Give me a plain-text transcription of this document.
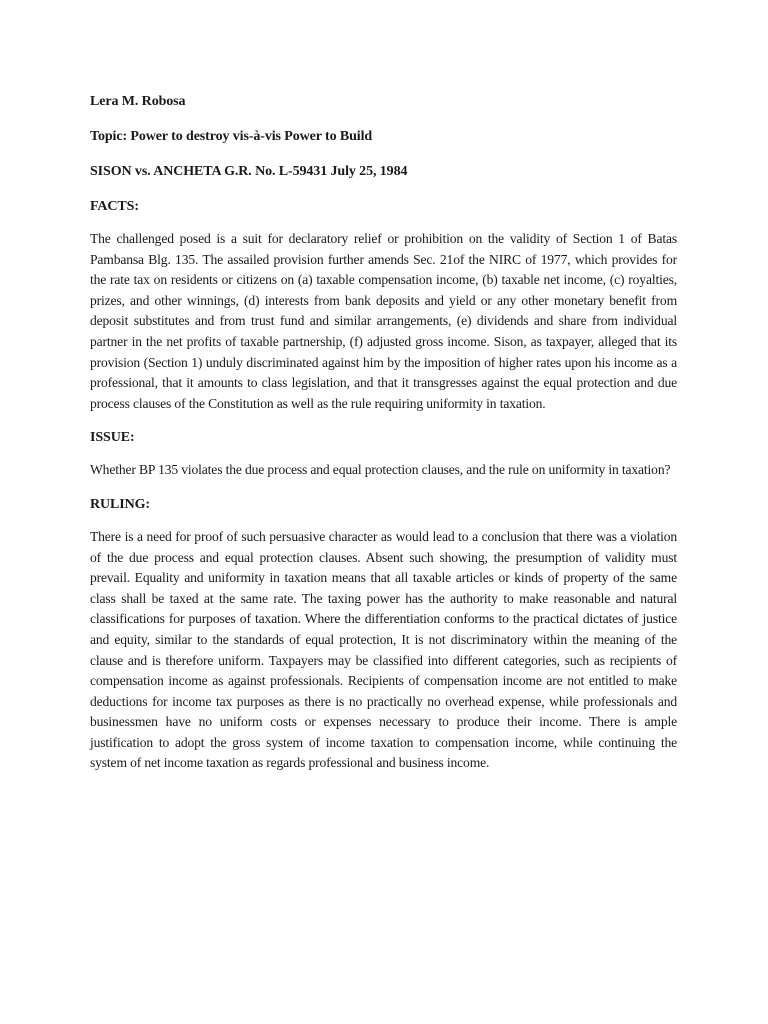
Lera M. Robosa
Topic: Power to destroy vis-à-vis Power to Build
SISON vs. ANCHETA G.R. No. L-59431 July 25, 1984
FACTS:

The challenged posed is a suit for declaratory relief or prohibition on the validity of Section 1 of Batas Pambansa Blg. 135. The assailed provision further amends Sec. 21of the NIRC of 1977, which provides for the rate tax on residents or citizens on (a) taxable compensation income, (b) taxable net income, (c) royalties, prizes, and other winnings, (d) interests from bank deposits and yield or any other monetary benefit from deposit substitutes and from trust fund and similar arrangements, (e) dividends and share from individual partner in the net profits of taxable partnership, (f) adjusted gross income. Sison, as taxpayer, alleged that its provision (Section 1) unduly discriminated against him by the imposition of higher rates upon his income as a professional, that it amounts to class legislation, and that it transgresses against the equal protection and due process clauses of the Constitution as well as the rule requiring uniformity in taxation.

ISSUE:

Whether BP 135 violates the due process and equal protection clauses, and the rule on uniformity in taxation?

RULING:

There is a need for proof of such persuasive character as would lead to a conclusion that there was a violation of the due process and equal protection clauses. Absent such showing, the presumption of validity must prevail. Equality and uniformity in taxation means that all taxable articles or kinds of property of the same class shall be taxed at the same rate. The taxing power has the authority to make reasonable and natural classifications for purposes of taxation. Where the differentiation conforms to the practical dictates of justice and equity, similar to the standards of equal protection, It is not discriminatory within the meaning of the clause and is therefore uniform. Taxpayers may be classified into different categories, such as recipients of compensation income as against professionals. Recipients of compensation income are not entitled to make deductions for income tax purposes as there is no practically no overhead expense, while professionals and businessmen have no uniform costs or expenses necessary to produce their income. There is ample justification to adopt the gross system of income taxation to compensation income, while continuing the system of net income taxation as regards professional and business income.
